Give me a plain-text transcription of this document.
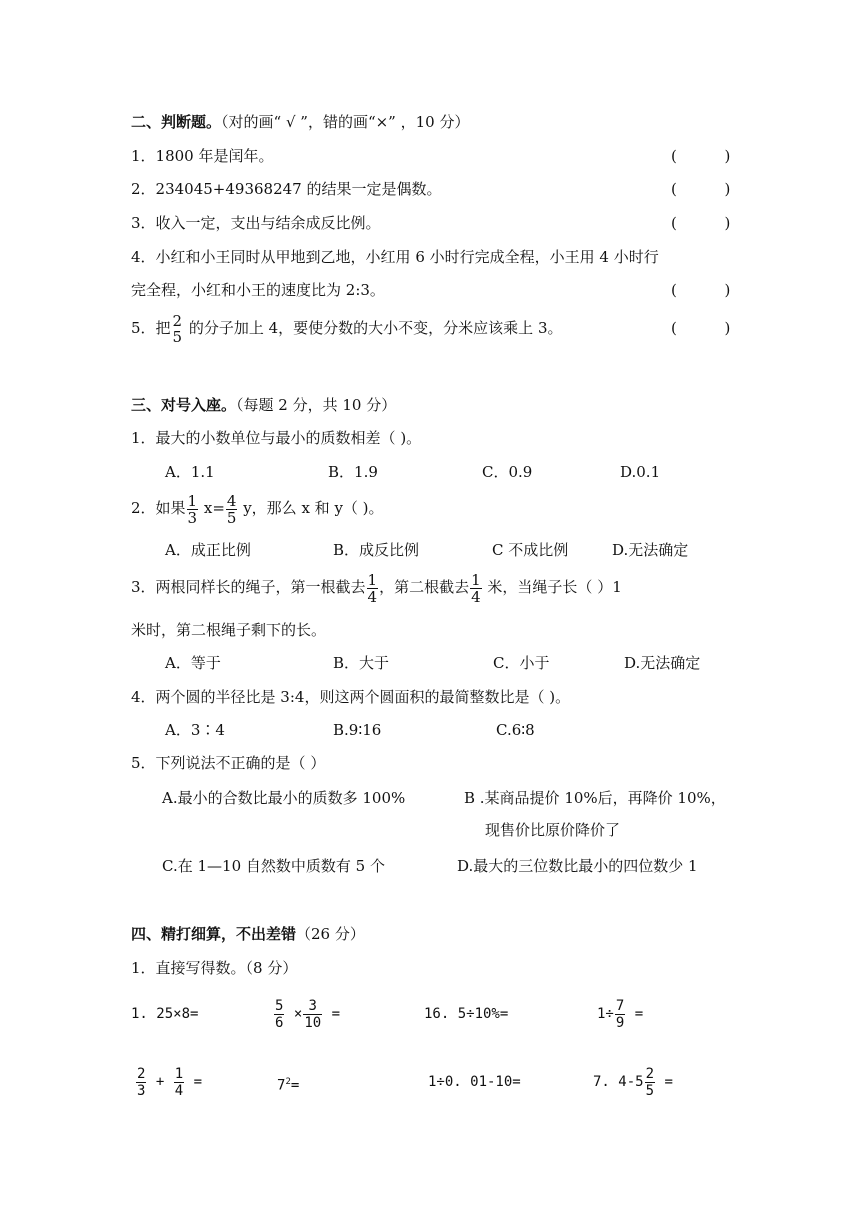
二、判断题。（对的画“ √ ”，错的画“×” ，10 分）
1．1800 年是闰年。	(          )
2．234045+49368247 的结果一定是偶数。	(          )
3．收入一定，支出与结余成反比例。	(          )
4．小红和小王同时从甲地到乙地，小红用 6 小时行完成全程，小王用 4 小时行
完全程，小红和小王的速度比为 2:3。	(          )
5．把 2
5 的分子加上 4，要使分数的大小不变，分米应该乘上 3。	(          )
三、对号入座。（每题 2 分，共 10 分）
1．最大的小数单位与最小的质数相差（ )。
A．1.1	B．1.9	C．0.9	D.0.1
2．如果 $\frac{1}{3} x= \frac{4}{5}$ y，那么 x 和 y（ )。
A．成正比例	B．成反比例	C 不成比例	D.无法确定
3．两根同样长的绳子，第一根截去 $\frac{1}{4}$ ，第二根截去 $\frac{1}{4}$ 米，当绳子长（ ）1
米时，第二根绳子剩下的长。
A．等于	B．大于	C．小于	D.无法确定
4．两个圆的半径比是 3:4，则这两个圆面积的最简整数比是（ )。
A．3∶4	B.9∶16	C.6∶8
5．下列说法不正确的是（ ）
A.最小的合数比最小的质数多 100%	B .某商品提价 10%后，再降价 10%，
现售价比原价降价了
C.在 1—10 自然数中质数有 5 个	D.最大的三位数比最小的四位数少 1
四、精打细算，不出差错（26 分）
1．直接写得数。（8 分）
1. 25×8=	$\frac{5}{6} \times \frac{3}{10}$ =	16. 5÷10%=	$1\div \frac{7}{9}$ =
$\frac{2}{3} + \frac{1}{4}$ =	$7^2=$	1÷0. 01-10=	7. $4-5 \frac{2}{5}$ =
